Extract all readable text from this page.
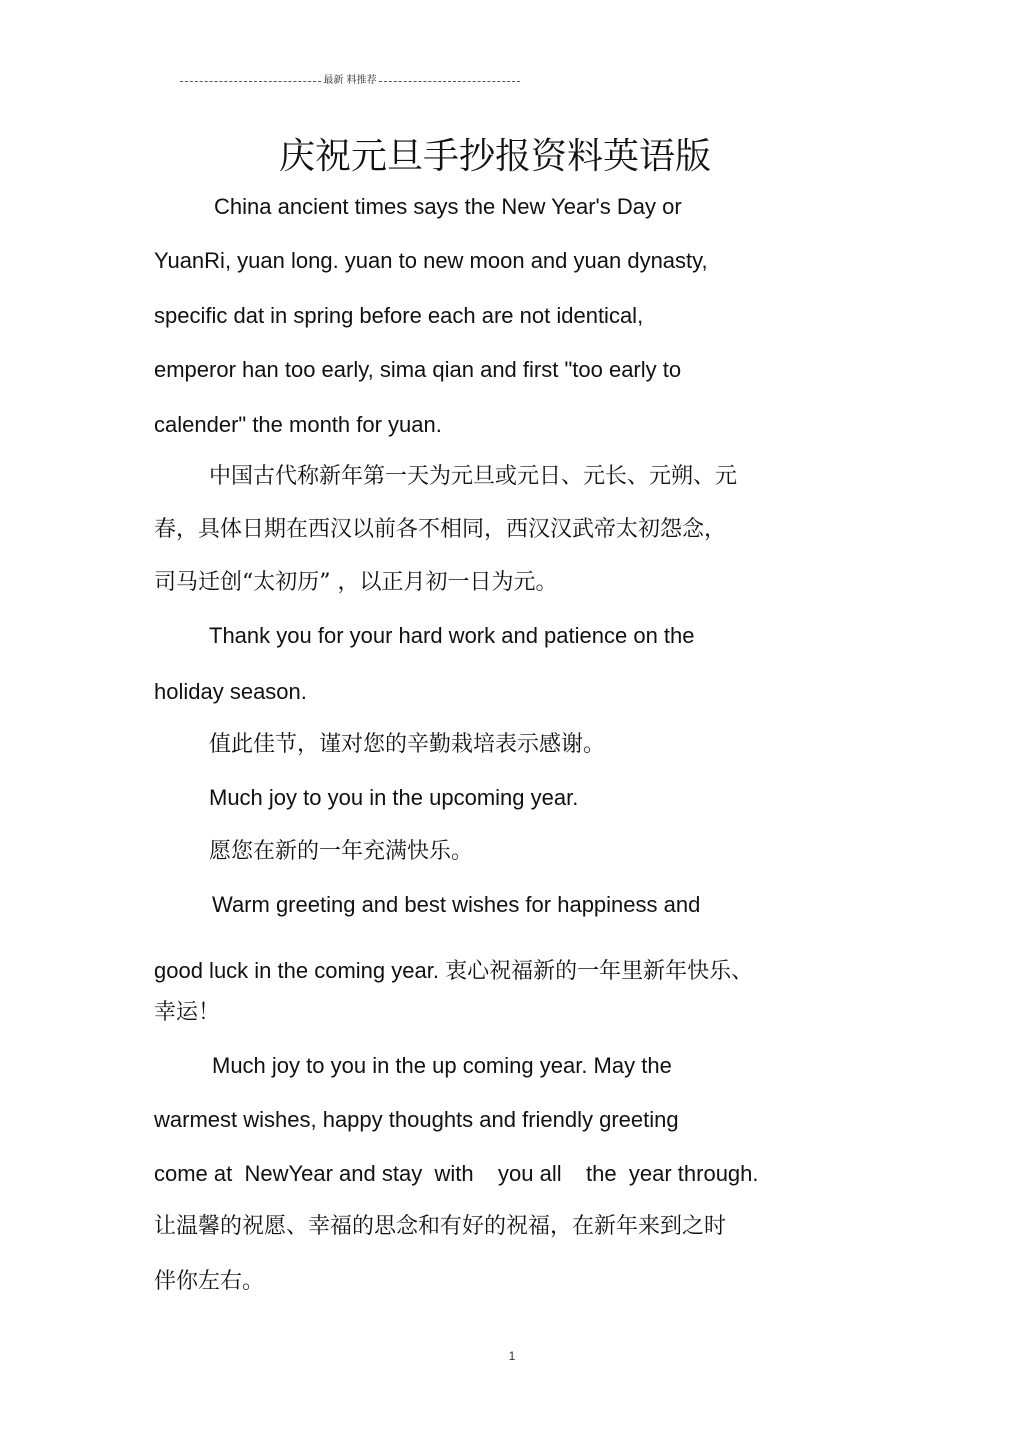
最新 料推荐
庆祝元旦手抄报资料英语版
China ancient times says the New Year's Day or
YuanRi, yuan long. yuan to new moon and yuan dynasty,
specific dat in spring before each are not identical,
emperor han too early, sima qian and first "too early to
calender" the month for yuan.
中国古代称新年第一天为元旦或元日、元长、元朔、元
春，具体日期在西汉以前各不相同，西汉汉武帝太初怨念，
司马迁创“太初历” ，以正月初一日为元。
Thank you for your hard work and patience on the
holiday season.
值此佳节，谨对您的辛勤栽培表示感谢。
Much joy to you in the upcoming year.
愿您在新的一年充满快乐。
Warm greeting and best wishes for happiness and
good luck in the coming year. 衷心祝福新的一年里新年快乐、
幸运！
Much joy to you in the up coming year. May the
warmest wishes, happy thoughts and friendly greeting
come at  NewYear and stay  with    you all    the  year through.
让温馨的祝愿、幸福的思念和有好的祝福，在新年来到之时
伴你左右。
1
